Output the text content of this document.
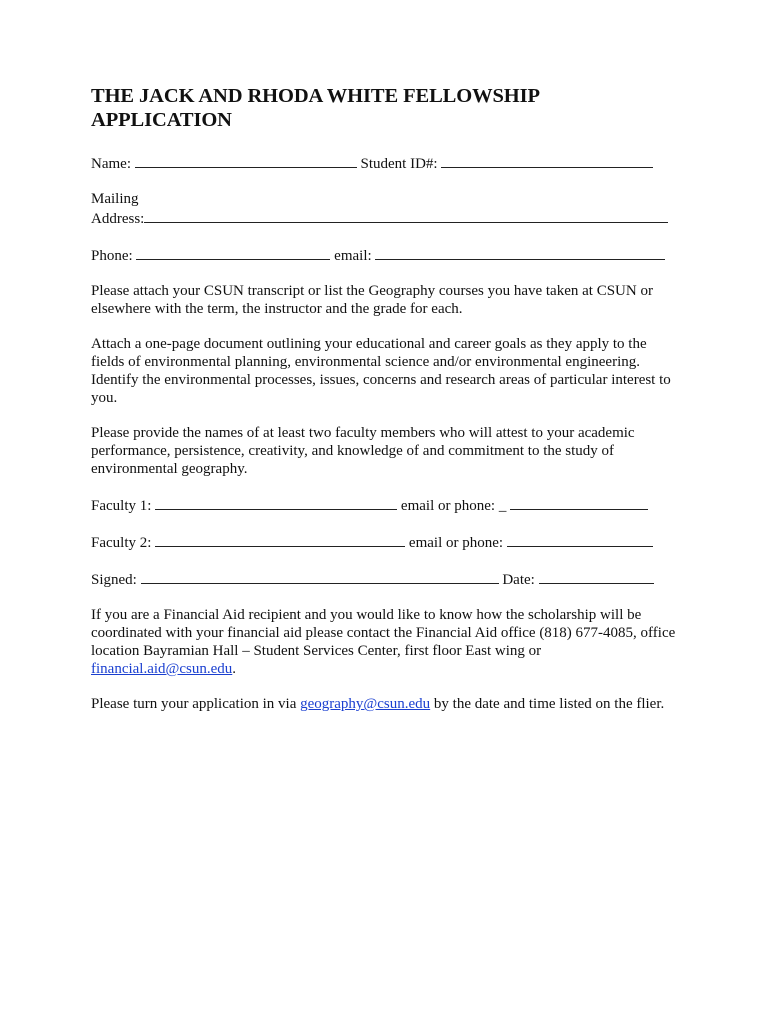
THE JACK AND RHODA WHITE FELLOWSHIP
APPLICATION
Name:	Student ID#:
Mailing
Address:
Phone:	email:

Please attach your CSUN transcript or list the Geography courses you have taken at CSUN or elsewhere with the term, the instructor and the grade for each.

Attach a one-page document outlining your educational and career goals as they apply to the fields of environmental planning, environmental science and/or environmental engineering. Identify the environmental processes, issues, concerns and research areas of particular interest to you.

Please provide the names of at least two faculty members who will attest to your academic performance, persistence, creativity, and knowledge of and commitment to the study of environmental geography.

Faculty 1:	email or phone: _
Faculty 2:	email or phone:
Signed:	Date:

If you are a Financial Aid recipient and you would like to know how the scholarship will be coordinated with your financial aid please contact the Financial Aid office (818) 677-4085, office location Bayramian Hall – Student Services Center, first floor East wing or financial.aid@csun.edu.

Please turn your application in via geography@csun.edu by the date and time listed on the flier.
